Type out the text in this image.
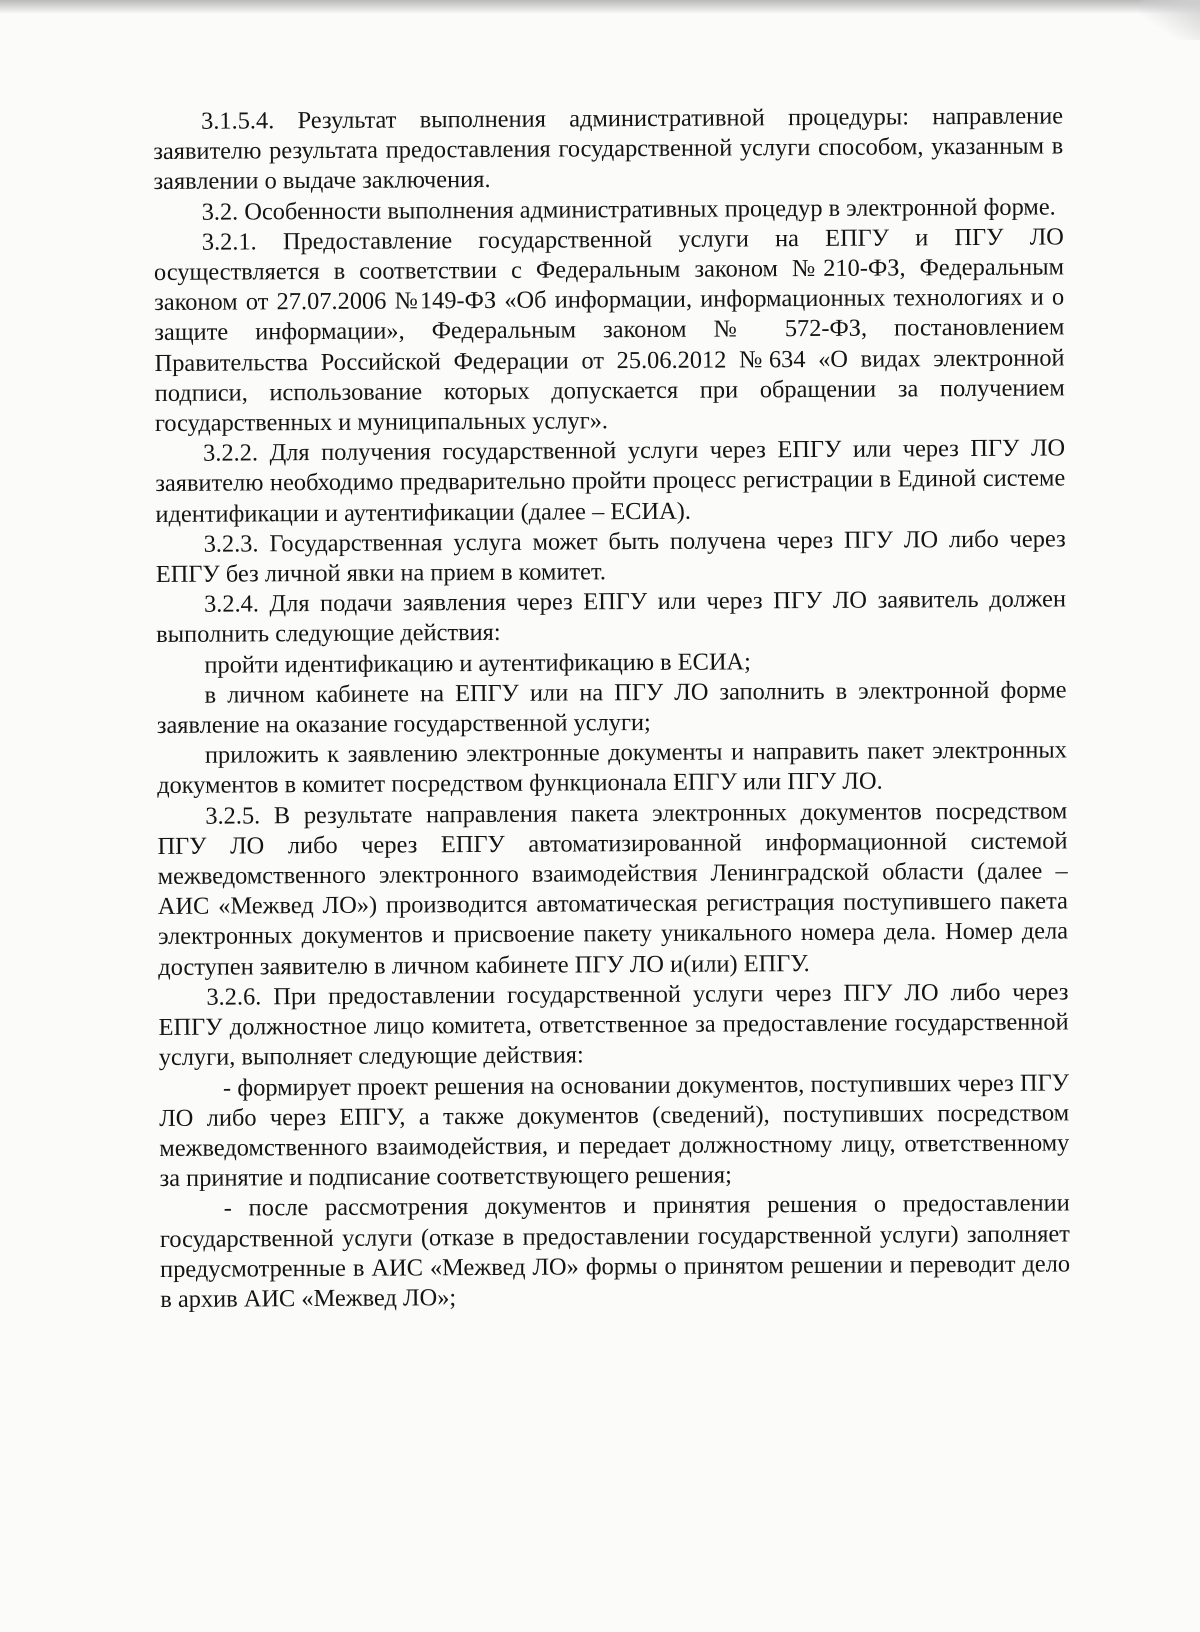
3.1.5.4. Результат выполнения административной процедуры: направление заявителю результата предоставления государственной услуги способом, указанным в заявлении о выдаче заключения.

3.2. Особенности выполнения административных процедур в электронной форме.

3.2.1. Предоставление государственной услуги на ЕПГУ и ПГУ ЛО осуществляется в соответствии с Федеральным законом №210-ФЗ, Федеральным законом от 27.07.2006 №149-ФЗ «Об информации, информационных технологиях и о защите информации», Федеральным законом № 572-ФЗ, постановлением Правительства Российской Федерации от 25.06.2012 №634 «О видах электронной подписи, использование которых допускается при обращении за получением государственных и муниципальных услуг».

3.2.2. Для получения государственной услуги через ЕПГУ или через ПГУ ЛО заявителю необходимо предварительно пройти процесс регистрации в Единой системе идентификации и аутентификации (далее – ЕСИА).

3.2.3. Государственная услуга может быть получена через ПГУ ЛО либо через ЕПГУ без личной явки на прием в комитет.

3.2.4. Для подачи заявления через ЕПГУ или через ПГУ ЛО заявитель должен выполнить следующие действия:

пройти идентификацию и аутентификацию в ЕСИА;

в личном кабинете на ЕПГУ или на ПГУ ЛО заполнить в электронной форме заявление на оказание государственной услуги;

приложить к заявлению электронные документы и направить пакет электронных документов в комитет посредством функционала ЕПГУ или ПГУ ЛО.

3.2.5. В результате направления пакета электронных документов посредством ПГУ ЛО либо через ЕПГУ автоматизированной информационной системой межведомственного электронного взаимодействия Ленинградской области (далее – АИС «Межвед ЛО») производится автоматическая регистрация поступившего пакета электронных документов и присвоение пакету уникального номера дела. Номер дела доступен заявителю в личном кабинете ПГУ ЛО и(или) ЕПГУ.

3.2.6. При предоставлении государственной услуги через ПГУ ЛО либо через ЕПГУ должностное лицо комитета, ответственное за предоставление государственной услуги, выполняет следующие действия:

- формирует проект решения на основании документов, поступивших через ПГУ ЛО либо через ЕПГУ, а также документов (сведений), поступивших посредством межведомственного взаимодействия, и передает должностному лицу, ответственному за принятие и подписание соответствующего решения;

- после рассмотрения документов и принятия решения о предоставлении государственной услуги (отказе в предоставлении государственной услуги) заполняет предусмотренные в АИС «Межвед ЛО» формы о принятом решении и переводит дело в архив АИС «Межвед ЛО»;
